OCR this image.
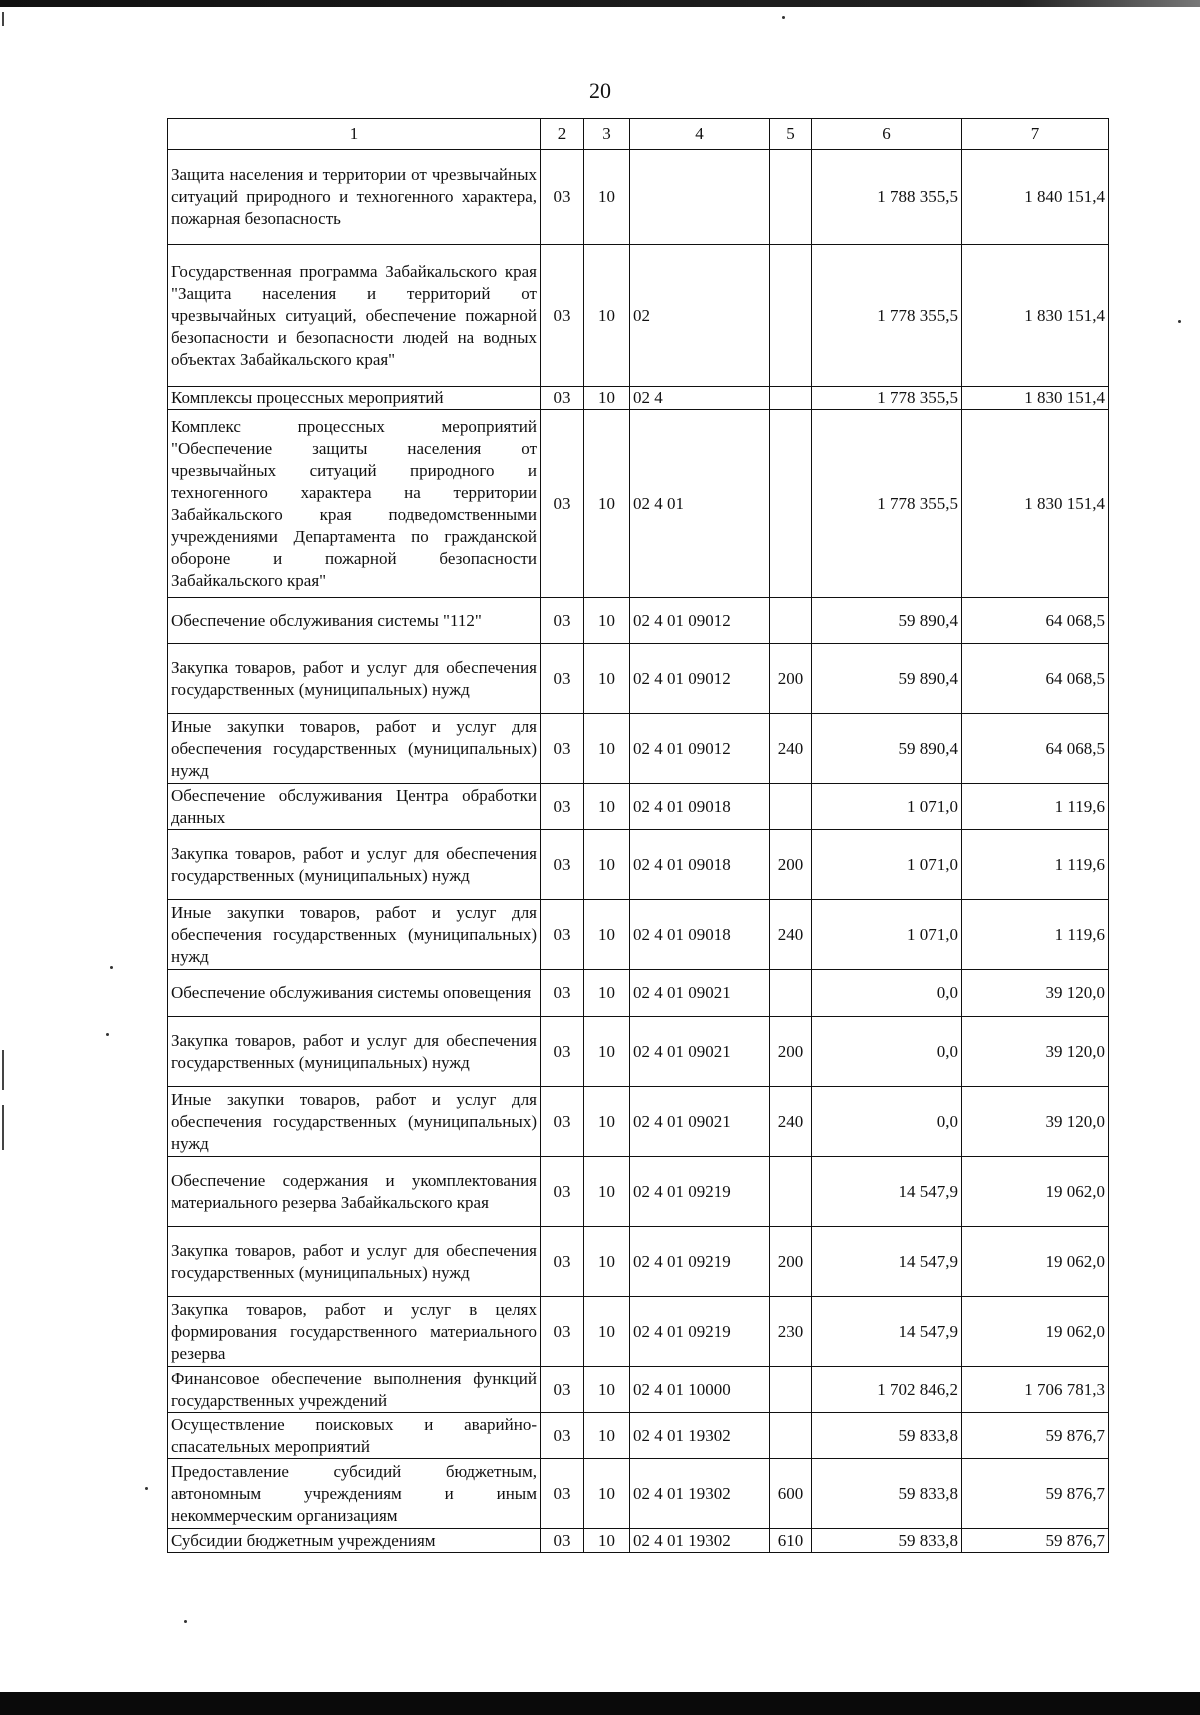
20
1	2	3	4	5	6	7
Защита населения и территории от чрезвычайных ситуаций природного и техногенного характера, пожарная безопасность	03	10			1 788 355,5	1 840 151,4
Государственная программа Забайкальского края "Защита населения и территорий от чрезвычайных ситуаций, обеспечение пожарной безопасности и безопасности людей на водных объектах Забайкальского края"	03	10	02		1 778 355,5	1 830 151,4
Комплексы процессных мероприятий	03	10	02 4		1 778 355,5	1 830 151,4
Комплекс процессных мероприятий "Обеспечение защиты населения от чрезвычайных ситуаций природного и техногенного характера на территории Забайкальского края подведомственными учреждениями Департамента по гражданской обороне и пожарной безопасности Забайкальского края"	03	10	02 4 01		1 778 355,5	1 830 151,4
Обеспечение обслуживания системы "112"	03	10	02 4 01 09012		59 890,4	64 068,5
Закупка товаров, работ и услуг для обеспечения государственных (муниципальных) нужд	03	10	02 4 01 09012	200	59 890,4	64 068,5
Иные закупки товаров, работ и услуг для обеспечения государственных (муниципальных) нужд	03	10	02 4 01 09012	240	59 890,4	64 068,5
Обеспечение обслуживания Центра обработки данных	03	10	02 4 01 09018		1 071,0	1 119,6
Закупка товаров, работ и услуг для обеспечения государственных (муниципальных) нужд	03	10	02 4 01 09018	200	1 071,0	1 119,6
Иные закупки товаров, работ и услуг для обеспечения государственных (муниципальных) нужд	03	10	02 4 01 09018	240	1 071,0	1 119,6
Обеспечение обслуживания системы оповещения	03	10	02 4 01 09021		0,0	39 120,0
Закупка товаров, работ и услуг для обеспечения государственных (муниципальных) нужд	03	10	02 4 01 09021	200	0,0	39 120,0
Иные закупки товаров, работ и услуг для обеспечения государственных (муниципальных) нужд	03	10	02 4 01 09021	240	0,0	39 120,0
Обеспечение содержания и укомплектования материального резерва Забайкальского края	03	10	02 4 01 09219		14 547,9	19 062,0
Закупка товаров, работ и услуг для обеспечения государственных (муниципальных) нужд	03	10	02 4 01 09219	200	14 547,9	19 062,0
Закупка товаров, работ и услуг в целях формирования государственного материального резерва	03	10	02 4 01 09219	230	14 547,9	19 062,0
Финансовое обеспечение выполнения функций государственных учреждений	03	10	02 4 01 10000		1 702 846,2	1 706 781,3
Осуществление поисковых и аварийно-спасательных мероприятий	03	10	02 4 01 19302		59 833,8	59 876,7
Предоставление субсидий бюджетным, автономным учреждениям и иным некоммерческим организациям	03	10	02 4 01 19302	600	59 833,8	59 876,7
Субсидии бюджетным учреждениям	03	10	02 4 01 19302	610	59 833,8	59 876,7
